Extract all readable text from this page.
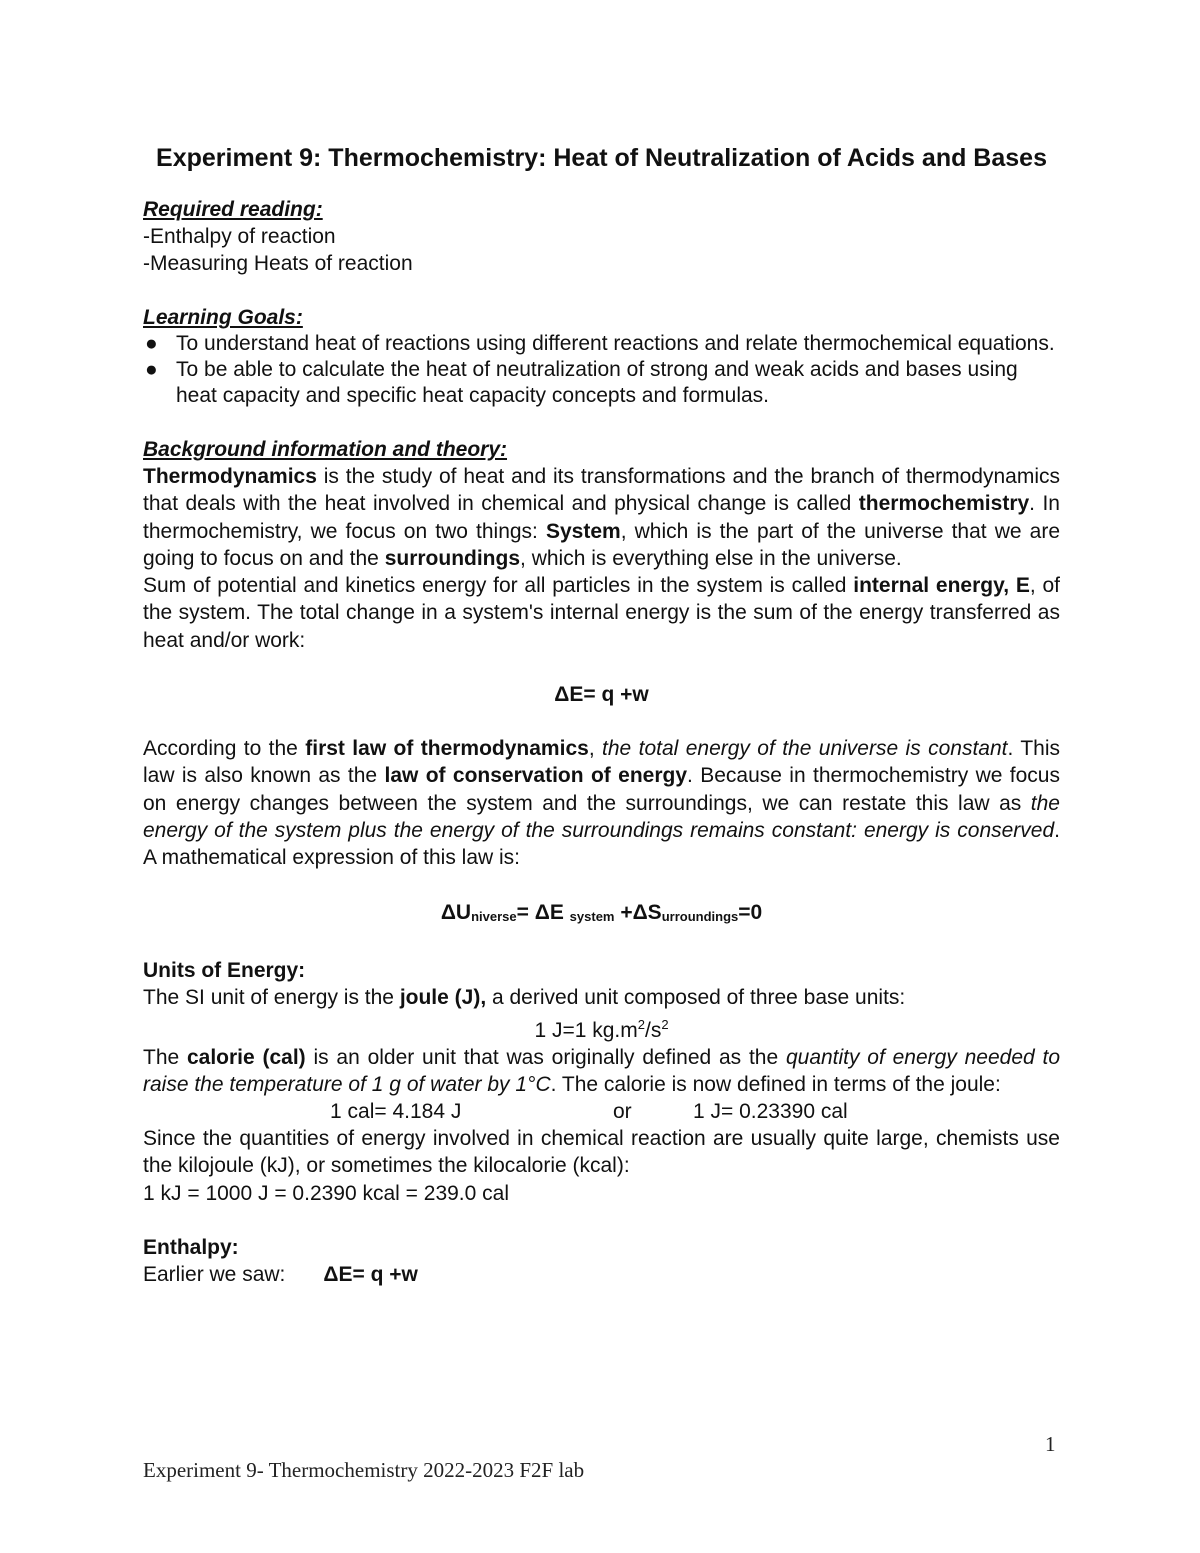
Experiment 9: Thermochemistry: Heat of Neutralization of Acids and Bases

Required reading:

-Enthalpy of reaction

-Measuring Heats of reaction

Learning Goals:

● To understand heat of reactions using different reactions and relate thermochemical equations.
● To be able to calculate the heat of neutralization of strong and weak acids and bases using heat capacity and specific heat capacity concepts and formulas.

Background information and theory:

Thermodynamics is the study of heat and its transformations and the branch of thermodynamics that deals with the heat involved in chemical and physical change is called thermochemistry. In thermochemistry, we focus on two things: System, which is the part of the universe that we are going to focus on and the surroundings, which is everything else in the universe.

Sum of potential and kinetics energy for all particles in the system is called internal energy, E, of the system. The total change in a system's internal energy is the sum of the energy transferred as heat and/or work:

ΔE= q +w

According to the first law of thermodynamics, the total energy of the universe is constant. This law is also known as the law of conservation of energy. Because in thermochemistry we focus on energy changes between the system and the surroundings, we can restate this law as the energy of the system plus the energy of the surroundings remains constant: energy is conserved. A mathematical expression of this law is:

$\Delta U_{niverse}= \Delta E$ $_{system} +\Delta S_{urroundings}=0$

Units of Energy:

The SI unit of energy is the joule (J), a derived unit composed of three base units:

1 J=1 $kg.m^2/s^2$

The calorie (cal) is an older unit that was originally defined as the quantity of energy needed to raise the temperature of 1 g of water by 1°C. The calorie is now defined in terms of the joule:

1 cal= 4.184 J	or	1 J= 0.23390 cal

Since the quantities of energy involved in chemical reaction are usually quite large, chemists use the kilojoule (kJ), or sometimes the kilocalorie (kcal):

1 kJ = 1000 J = 0.2390 kcal = 239.0 cal

Enthalpy:

Earlier we saw: ΔE= q +w

1
Experiment 9- Thermochemistry 2022-2023 F2F lab
